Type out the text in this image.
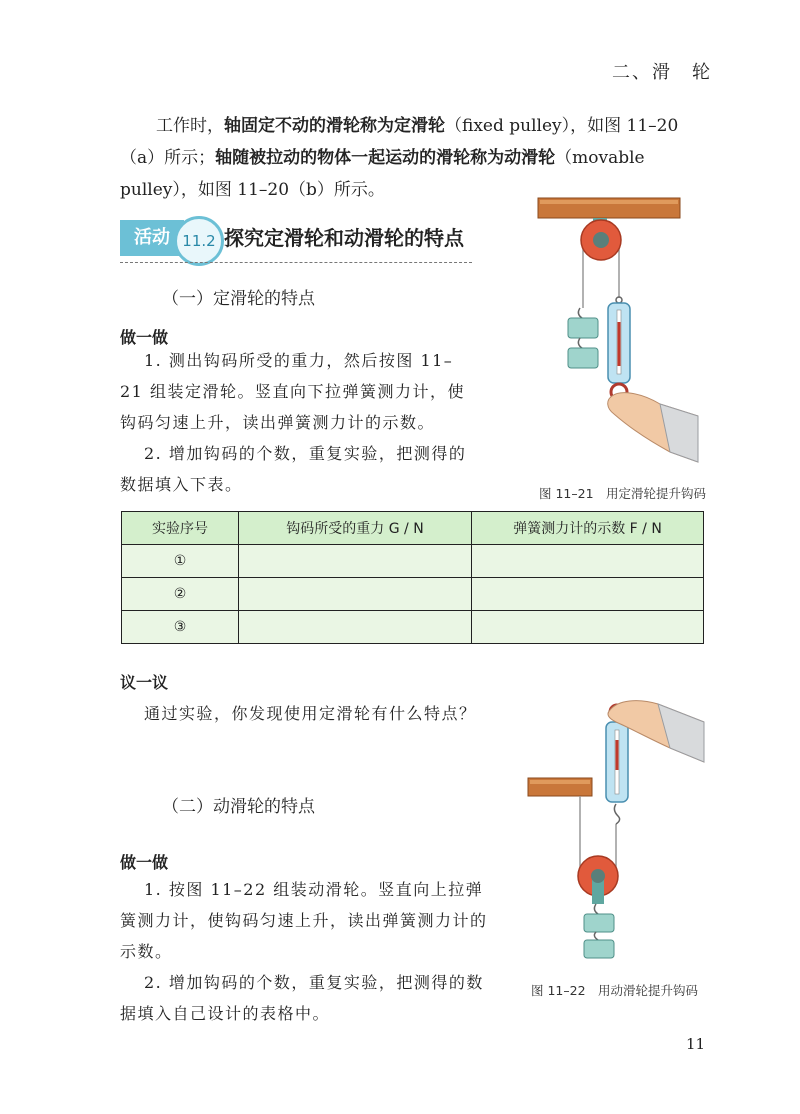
二、滑　轮
工作时，轴固定不动的滑轮称为定滑轮（fixed pulley），如图 11–20（a）所示；轴随被拉动的物体一起运动的滑轮称为动滑轮（movable pulley），如图 11–20（b）所示。
活动 11.2 探究定滑轮和动滑轮的特点
（一）定滑轮的特点
做一做
1. 测出钩码所受的重力，然后按图 11–21 组装定滑轮。竖直向下拉弹簧测力计，使钩码匀速上升，读出弹簧测力计的示数。
2. 增加钩码的个数，重复实验，把测得的数据填入下表。	图 11–21　用定滑轮提升钩码
实验序号	钩码所受的重力 G / N	弹簧测力计的示数 F / N
①		
②		
③		
议一议
通过实验，你发现使用定滑轮有什么特点？
（二）动滑轮的特点
做一做
1. 按图 11–22 组装动滑轮。竖直向上拉弹簧测力计，使钩码匀速上升，读出弹簧测力计的示数。
2. 增加钩码的个数，重复实验，把测得的数据填入自己设计的表格中。
图 11–22　用动滑轮提升钩码
11
